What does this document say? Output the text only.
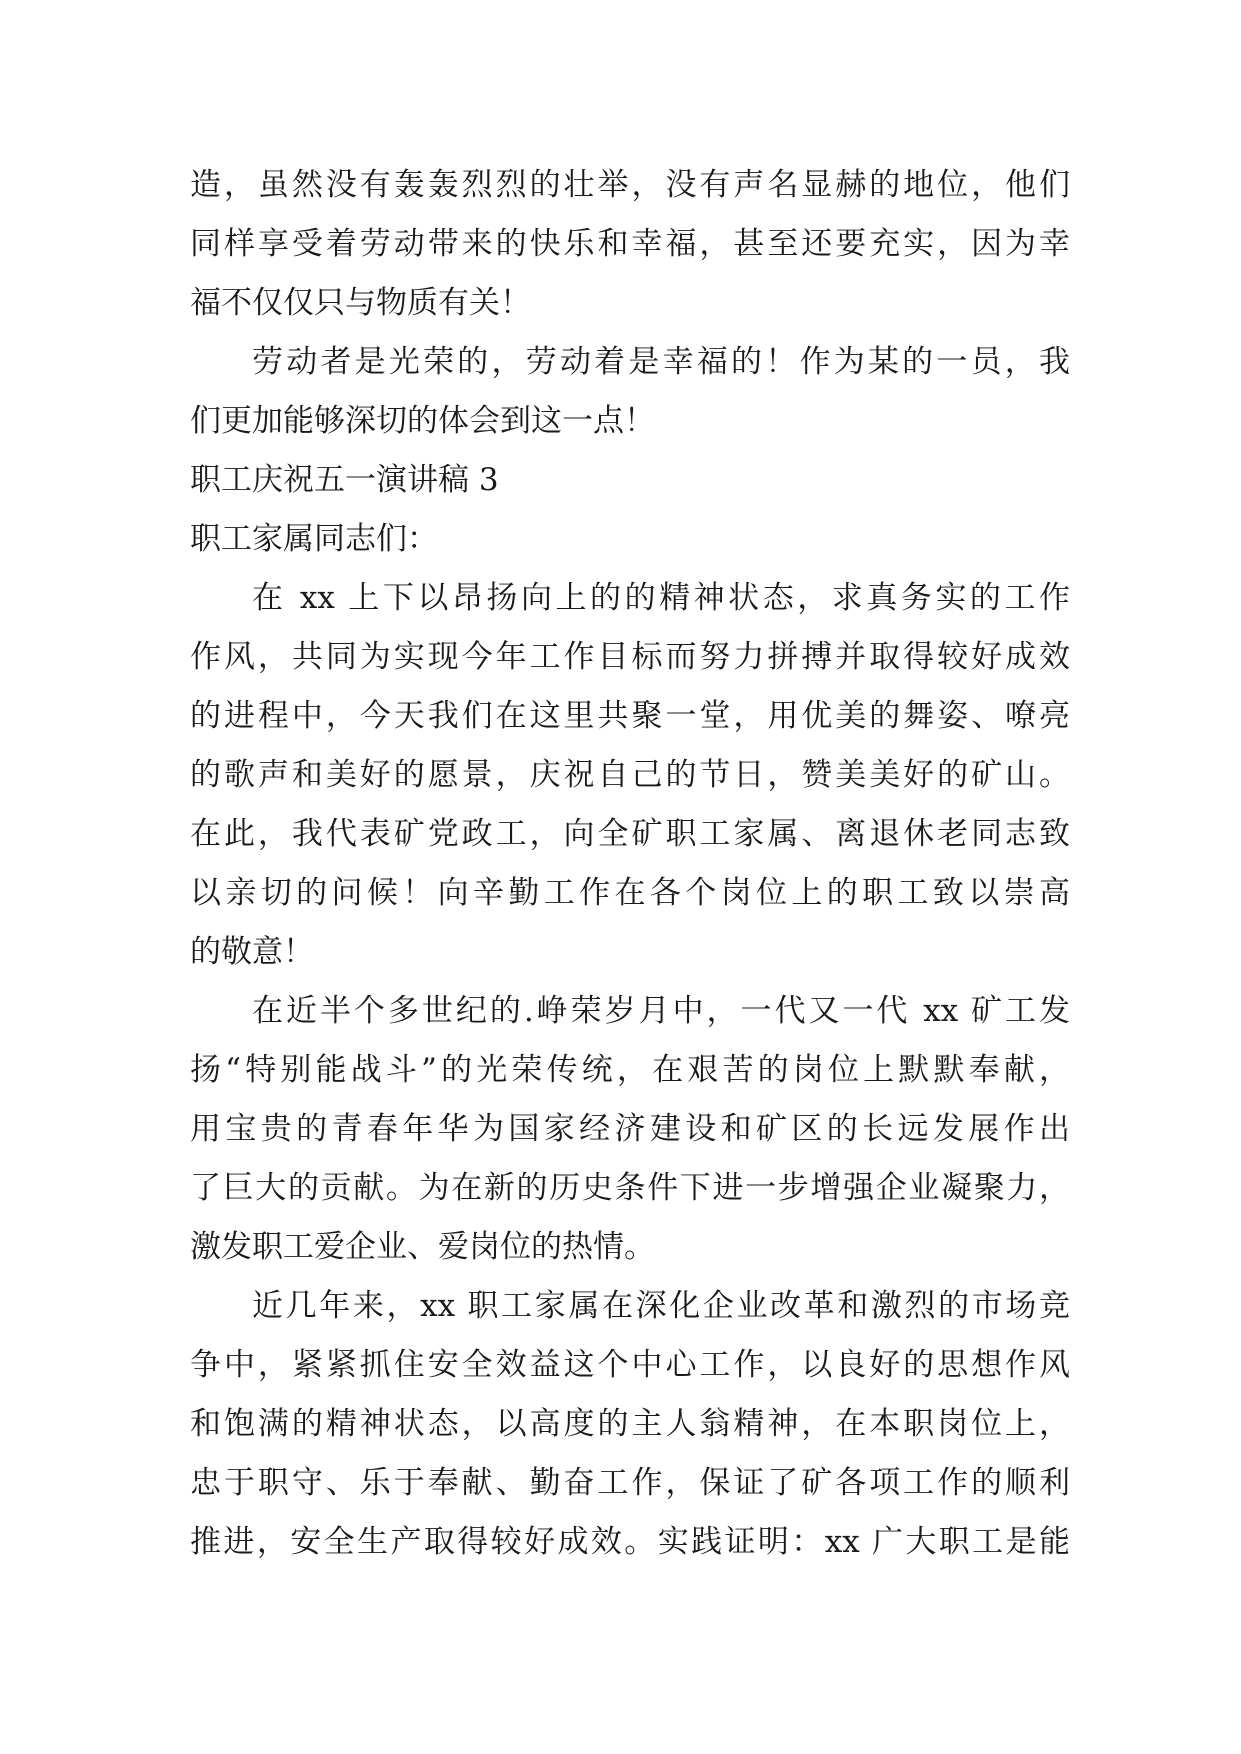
造，虽然没有轰轰烈烈的壮举，没有声名显赫的地位，他们
同样享受着劳动带来的快乐和幸福，甚至还要充实，因为幸
福不仅仅只与物质有关！
劳动者是光荣的，劳动着是幸福的！作为某的一员，我
们更加能够深切的体会到这一点！
职工庆祝五一演讲稿 3
职工家属同志们：
在 xx 上下以昂扬向上的的精神状态，求真务实的工作
作风，共同为实现今年工作目标而努力拼搏并取得较好成效
的进程中，今天我们在这里共聚一堂，用优美的舞姿、嘹亮
的歌声和美好的愿景，庆祝自己的节日，赞美美好的矿山。
在此，我代表矿党政工，向全矿职工家属、离退休老同志致
以亲切的问候！向辛勤工作在各个岗位上的职工致以崇高
的敬意！
在近半个多世纪的.峥荣岁月中，一代又一代 xx 矿工发
扬“特别能战斗”的光荣传统，在艰苦的岗位上默默奉献，
用宝贵的青春年华为国家经济建设和矿区的长远发展作出
了巨大的贡献。为在新的历史条件下进一步增强企业凝聚力，
激发职工爱企业、爱岗位的热情。
近几年来，xx 职工家属在深化企业改革和激烈的市场竞
争中，紧紧抓住安全效益这个中心工作，以良好的思想作风
和饱满的精神状态，以高度的主人翁精神，在本职岗位上，
忠于职守、乐于奉献、勤奋工作，保证了矿各项工作的顺利
推进，安全生产取得较好成效。实践证明：xx 广大职工是能
